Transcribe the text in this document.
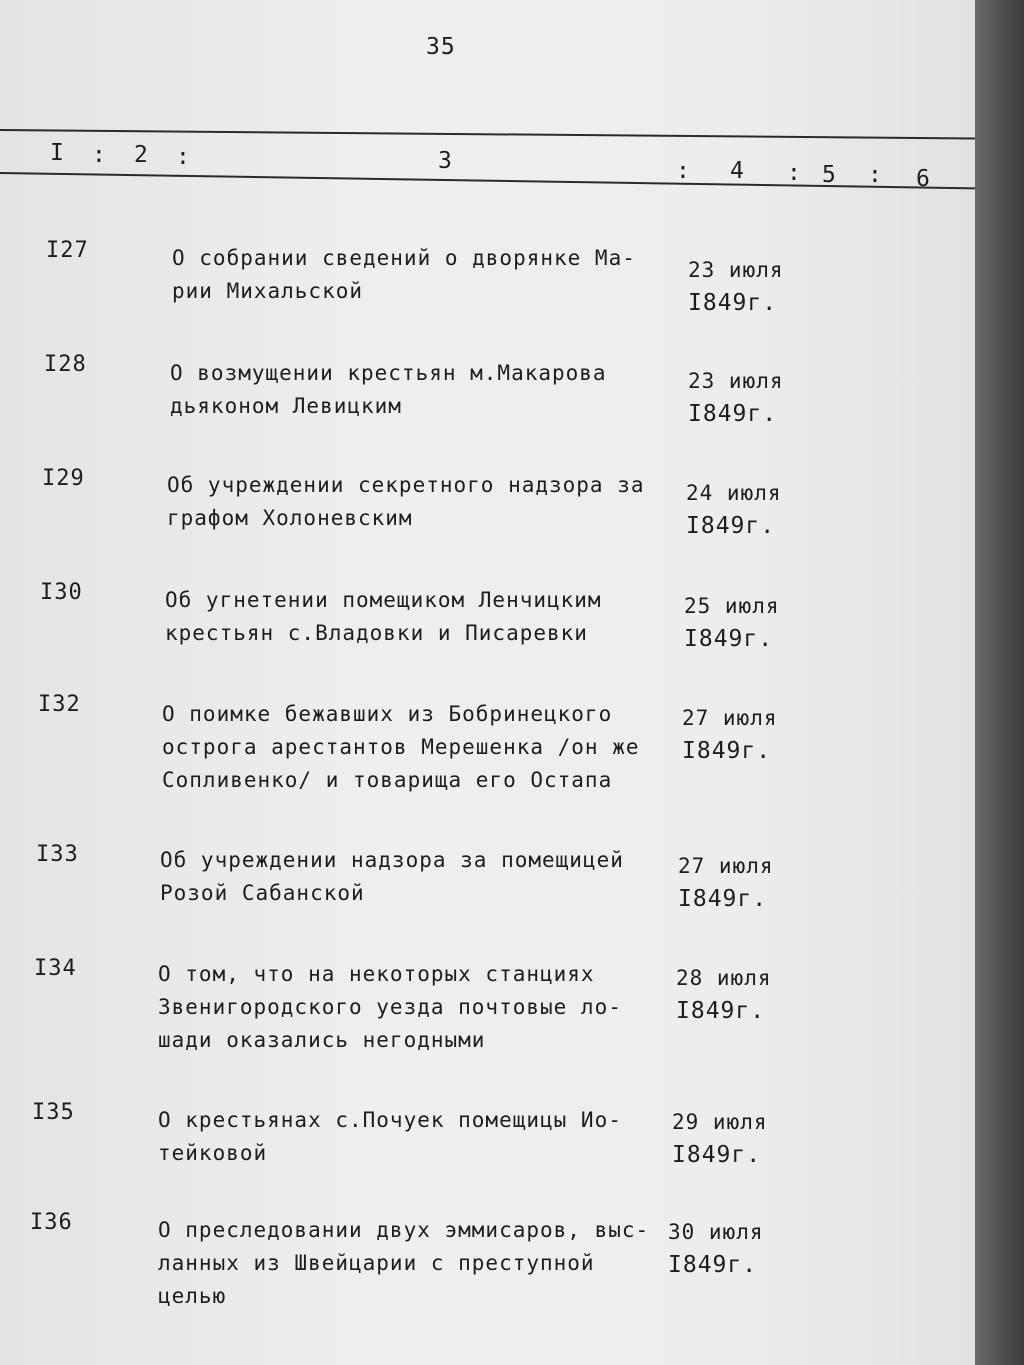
35
I : 2 :	3	: 4 : 5 : 6
I27	О собрании сведений о дворянке Ма-
рии Михальской
23 июля
I849г.
I28	О возмущении крестьян м.Макарова
дьяконом Левицким
23 июля
I849г.
I29	Об учреждении секретного надзора за
графом Холоневским
24 июля
I849г.
I30	Об угнетении помещиком Ленчицким
крестьян с.Владовки и Писаревки
25 июля
I849г.
I32	О поимке бежавших из Бобринецкого
острога арестантов Мерешенка /он же
Сопливенко/ и товарища его Остапа
27 июля
I849г.
I33	Об учреждении надзора за помещицей
Розой Сабанской
27 июля
I849г.
I34	О том, что на некоторых станциях
Звенигородского уезда почтовые ло-
шади оказались негодными
28 июля
I849г.
I35	О крестьянах с.Почуек помещицы Ио-
тейковой
29 июля
I849г.
I36	О преследовании двух эммисаров, выс-
ланных из Швейцарии с преступной
целью
30 июля
I849г.
